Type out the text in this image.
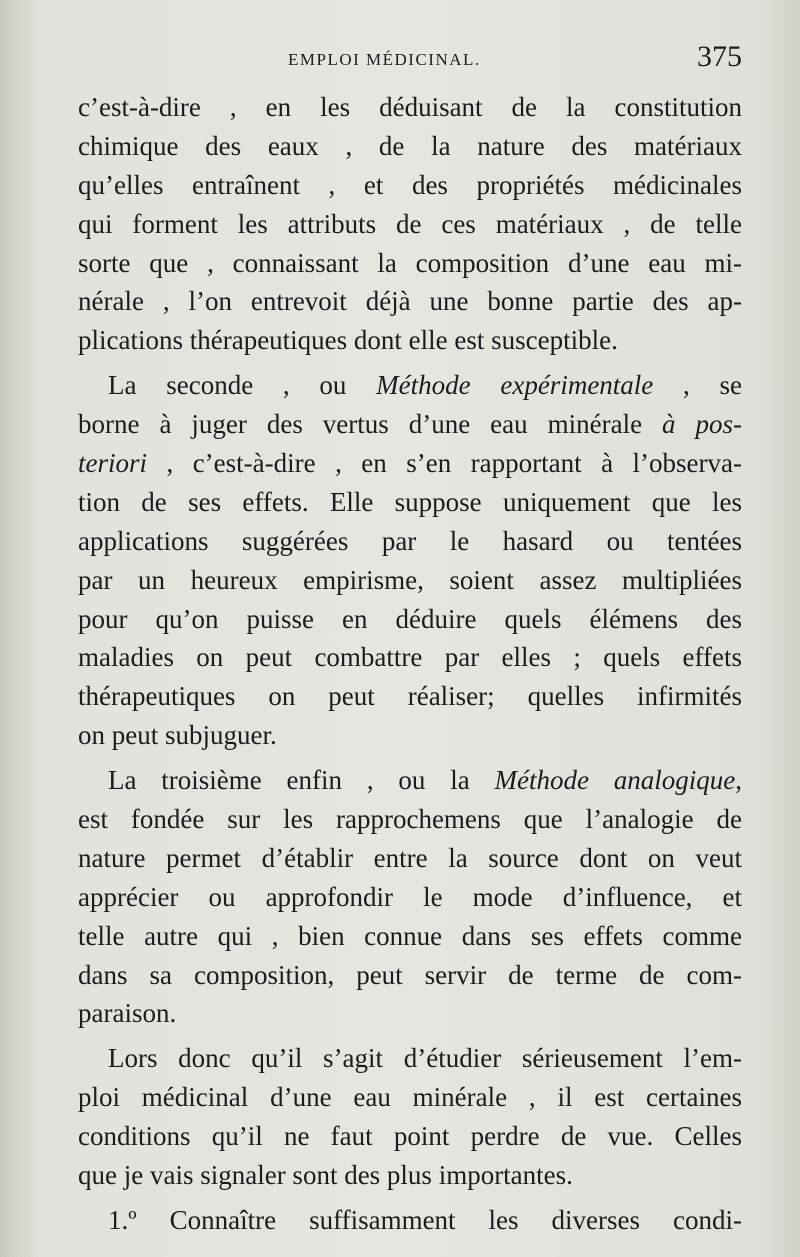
EMPLOI MÉDICINAL.	375
c’est-à-dire , en les déduisant de la constitution
chimique des eaux , de la nature des matériaux
qu’elles entraînent , et des propriétés médicinales
qui forment les attributs de ces matériaux , de telle
sorte que , connaissant la composition d’une eau mi-
nérale , l’on entrevoit déjà une bonne partie des ap-
plications thérapeutiques dont elle est susceptible.
La seconde , ou Méthode expérimentale , se
borne à juger des vertus d’une eau minérale à pos-
teriori , c’est-à-dire , en s’en rapportant à l’observa-
tion de ses effets. Elle suppose uniquement que les
applications suggérées par le hasard ou tentées
par un heureux empirisme, soient assez multipliées
pour qu’on puisse en déduire quels élémens des
maladies on peut combattre par elles ; quels effets
thérapeutiques on peut réaliser; quelles infirmités
on peut subjuguer.
La troisième enfin , ou la Méthode analogique,
est fondée sur les rapprochemens que l’analogie de
nature permet d’établir entre la source dont on veut
apprécier ou approfondir le mode d’influence, et
telle autre qui , bien connue dans ses effets comme
dans sa composition, peut servir de terme de com-
paraison.
Lors donc qu’il s’agit d’étudier sérieusement l’em-
ploi médicinal d’une eau minérale , il est certaines
conditions qu’il ne faut point perdre de vue. Celles
que je vais signaler sont des plus importantes.
1.º Connaître suffisamment les diverses condi-
